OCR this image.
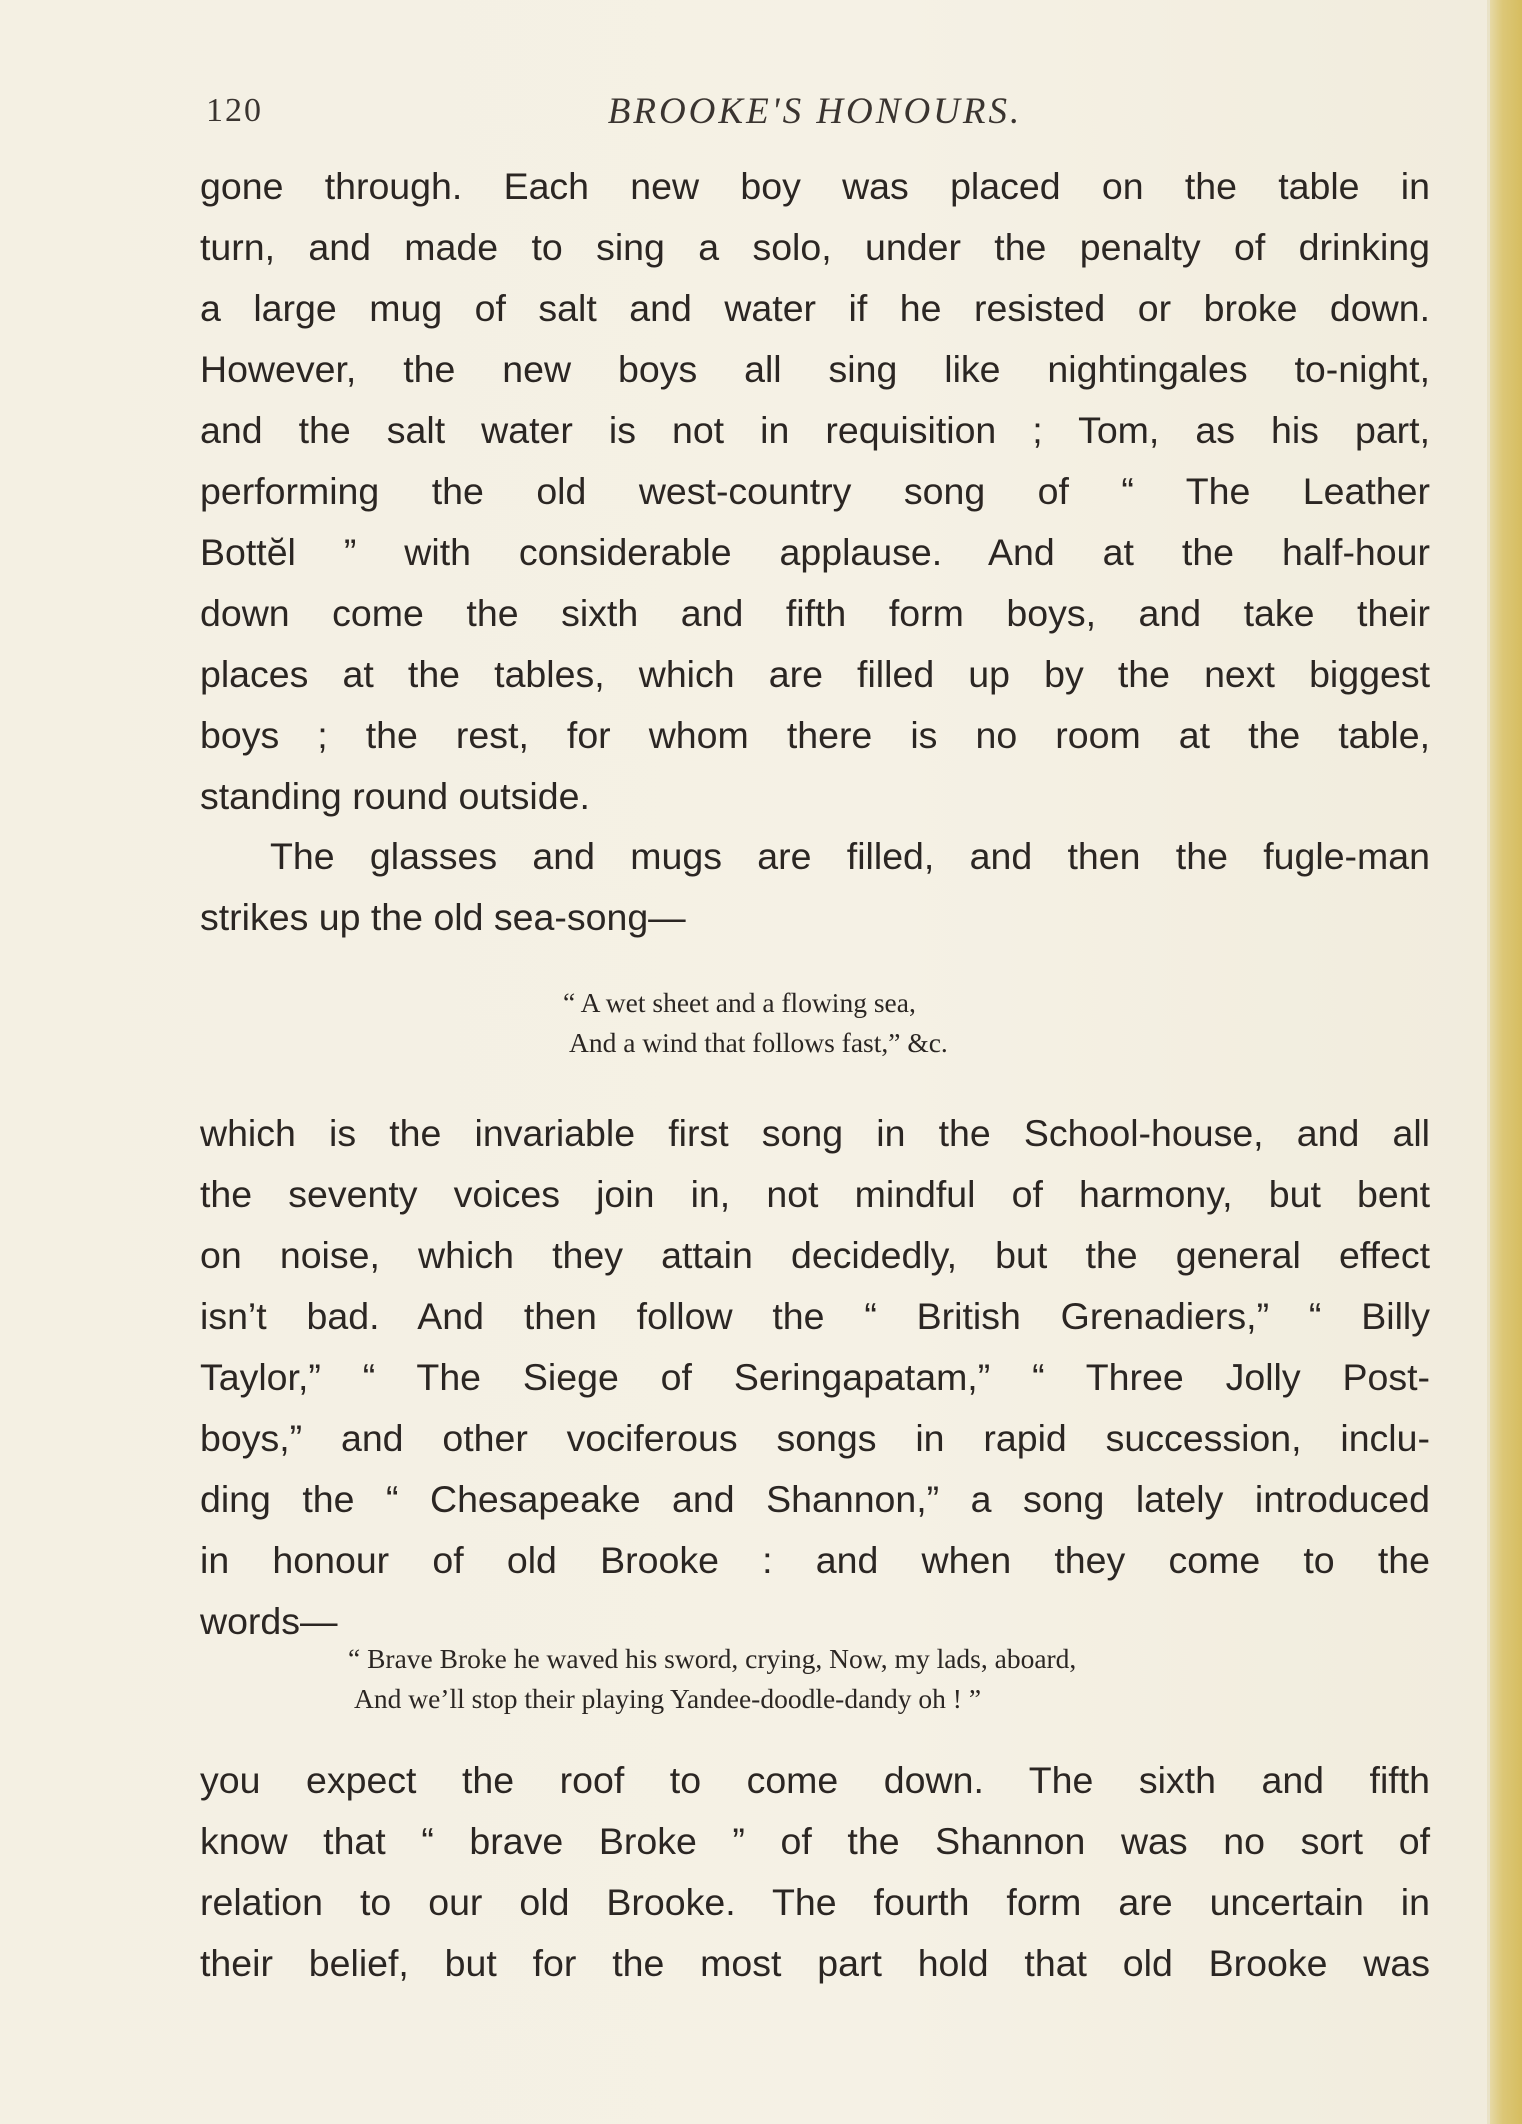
120	BROOKE'S HONOURS.
gone through. Each new boy was placed on the table in
turn, and made to sing a solo, under the penalty of drinking
a large mug of salt and water if he resisted or broke down.
However, the new boys all sing like nightingales to-night,
and the salt water is not in requisition ; Tom, as his part,
performing the old west-country song of “ The Leather
Bottĕl ” with considerable applause. And at the half-hour
down come the sixth and fifth form boys, and take their
places at the tables, which are filled up by the next biggest
boys ; the rest, for whom there is no room at the table,
standing round outside.
The glasses and mugs are filled, and then the fugle-man
strikes up the old sea-song—
“ A wet sheet and a flowing sea,
And a wind that follows fast,” &c.
which is the invariable first song in the School-house, and all
the seventy voices join in, not mindful of harmony, but bent
on noise, which they attain decidedly, but the general effect
isn’t bad. And then follow the “ British Grenadiers,” “ Billy
Taylor,” “ The Siege of Seringapatam,” “ Three Jolly Post-
boys,” and other vociferous songs in rapid succession, inclu-
ding the “ Chesapeake and Shannon,” a song lately introduced
in honour of old Brooke : and when they come to the
words—
“ Brave Broke he waved his sword, crying, Now, my lads, aboard,
And we’ll stop their playing Yandee-doodle-dandy oh ! ”
you expect the roof to come down. The sixth and fifth
know that “ brave Broke ” of the Shannon was no sort of
relation to our old Brooke. The fourth form are uncertain in
their belief, but for the most part hold that old Brooke was
